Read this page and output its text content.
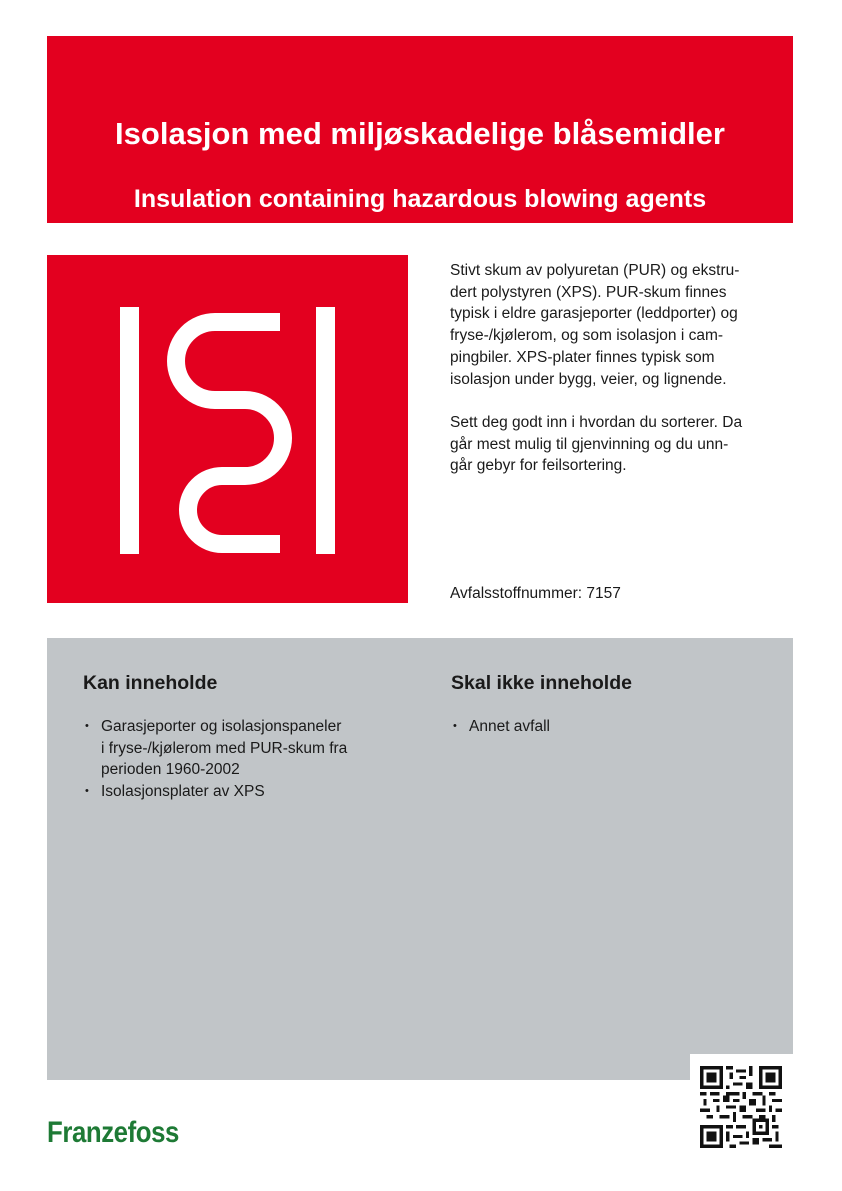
Isolasjon med miljøskadelige blåsemidler
Insulation containing hazardous blowing agents

Stivt skum av polyuretan (PUR) og ekstru-
dert polystyren (XPS). PUR-skum finnes
typisk i eldre garasjeporter (leddporter) og
fryse-/kjølerom, og som isolasjon i cam-
pingbiler. XPS-plater finnes typisk som
isolasjon under bygg, veier, og lignende.

Sett deg godt inn i hvordan du sorterer. Da
går mest mulig til gjenvinning og du unn-
går gebyr for feilsortering.

Avfalsstoffnummer: 7157
Kan inneholde
• Garasjeporter og isolasjonspaneler
i fryse-/kjølerom med PUR-skum fra
perioden 1960-2002
• Isolasjonsplater av XPS
Skal ikke inneholde
• Annet avfall
Franzefoss
